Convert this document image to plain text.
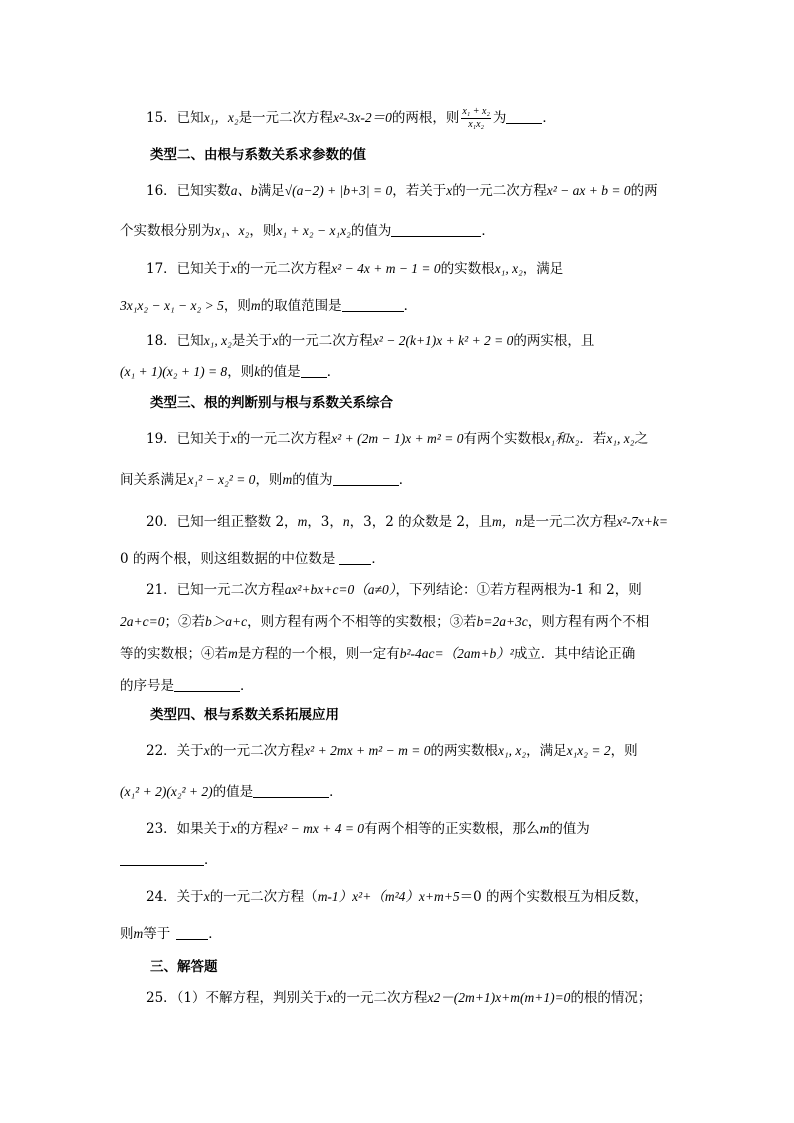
15．已知x₁，x₂是一元二次方程x²-3x-2＝0的两根，则 $\frac{\text{x₁ + x₂}}{\text{x₁x₂}}$ 为	．
类型二、由根与系数关系求参数的值
16．已知实数a、b满足√(a−2) + |b+3| = 0，若关于x的一元二次方程x² − ax + b = 0的两
个实数根分别为x₁、x₂，则x₁ + x₂ − x₁x₂的值为	．
17．已知关于x的一元二次方程x² − 4x + m − 1 = 0的实数根x₁, x₂，满足
3x₁x₂ − x₁ − x₂ > 5，则m的取值范围是	．
18．已知x₁, x₂是关于x的一元二次方程x² − 2(k+1)x + k² + 2 = 0的两实根，且
(x₁ + 1)(x₂ + 1) = 8，则k的值是 ．
类型三、根的判断别与根与系数关系综合
19．已知关于x的一元二次方程x² + (2m − 1)x + m² = 0有两个实数根x₁和x₂．若x₁, x₂之
间关系满足x₁² − x₂² = 0，则m的值为	．
20．已知一组正整数 2，m，3，n，3，2 的众数是 2，且m，n是一元二次方程x²-7x+k=
0 的两个根，则这组数据的中位数是	．
21．已知一元二次方程ax²+bx+c=0（a≠0），下列结论：①若方程两根为-1 和 2，则
2a+c=0；②若b＞a+c，则方程有两个不相等的实数根；③若b=2a+3c，则方程有两个不相
等的实数根；④若m是方程的一个根，则一定有b²-4ac=（2am+b）²成立．其中结论正确
的序号是	．
类型四、根与系数关系拓展应用
22．关于x的一元二次方程x² + 2mx + m² − m = 0的两实数根x₁, x₂，满足x₁x₂ = 2，则
(x₁² + 2)(x₂² + 2)的值是	．
23．如果关于x的方程x² − mx + 4 = 0有两个相等的正实数根，那么m的值为
．
24．关于x的一元二次方程（m-1）x²+（m²4）x+m+5＝0 的两个实数根互为相反数，
则m等于	．
三、解答题
25．（1）不解方程，判别关于x的一元二次方程x2－(2m+1)x+m(m+1)=0的根的情况；
